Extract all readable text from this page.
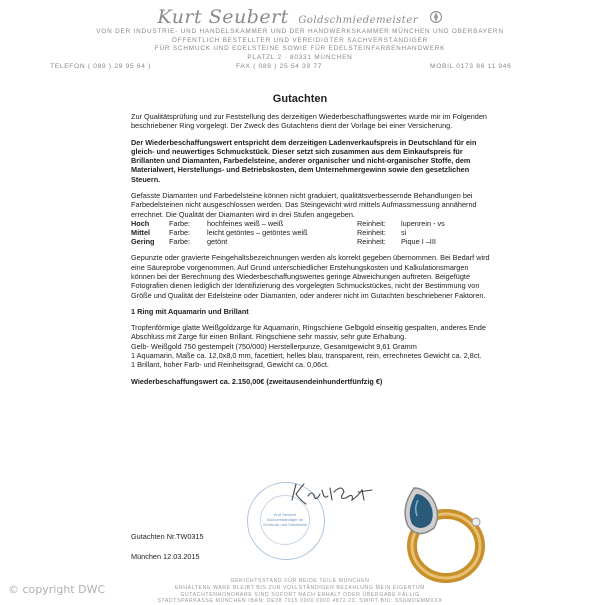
Kurt Seubert Goldschmiedemeister
VON DER INDUSTRIE- UND HANDELSKAMMER UND DER HANDWERKSKAMMER MÜNCHEN UND OBERBAYERN
ÖFFENTLICH BESTELLTER UND VEREIDIGTER SACHVERSTÄNDIGER
FÜR SCHMUCK UND EDELSTEINE SOWIE FÜR EDELSTEINFARBENHANDWERK
PLATZL 2 · 80331 MÜNCHEN
TELEFON ( 089 ) 29 95 64 )	FAX ( 089 ) 25 54 39 77	MOBIL 0173 86 11 946
Gutachten

Zur Qualitätsprüfung und zur Feststellung des derzeitigen Wiederbeschaffungswertes wurde mir im Folgenden beschriebener Ring vorgelegt. Der Zweck des Gutachtens dient der Vorlage bei einer Versicherung.

Der Wiederbeschaffungswert entspricht dem derzeitigen Ladenverkaufspreis in Deutschland für ein gleich- und neuwertiges Schmuckstück. Dieser setzt sich zusammen aus dem Einkaufspreis für Brillanten und Diamanten, Farbedelsteine, anderer organischer und nicht-organischer Stoffe, dem Materialwert, Herstellungs- und Betriebskosten, dem Unternehmergewinn sowie den gesetzlichen Steuern.

Gefasste Diamanten und Farbedelsteine können nicht graduiert, qualitätsverbessernde Behandlungen bei Farbedelsteinen nicht ausgeschlossen werden. Das Steingewicht wird mittels Aufmassmessung annähernd errechnet. Die Qualität der Diamanten wird in drei Stufen angegeben.

Hoch	Farbe:	hochfeines weiß – weiß	Reinheit:	lupenrein - vs
Mittel	Farbe:	leicht getöntes – getöntes weiß	Reinheit:	si
Gering	Farbe:	getönt	Reinheit:	Pique I –III

Gepunzte oder gravierte Feingehaltsbezeichnungen werden als korrekt gegeben übernommen. Bei Bedarf wird eine Säureprobe vorgenommen. Auf Grund unterschiedlicher Erstehungskosten und Kalkulationsmargen können bei der Berechnung des Wiederbeschaffungswertes geringe Abweichungen auftreten. Beigefügte Fotografien dienen lediglich der Identifizierung des vorgelegten Schmuckstückes, nicht der Bestimmung von Größe und Qualität der Edelsteine oder Diamanten, oder anderer nicht im Gutachten beschriebener Faktoren.

1 Ring mit Aquamarin und Brillant

Tropfenförmige glatte Weißgoldzarge für Aquamarin, Ringschiene Gelbgold einseitig gespalten, anderes Ende Abschluss mit Zarge für einen Brillant. Ringschiene sehr massiv, sehr gute Erhaltung.

Gelb- Weißgold 750 gestempelt (750/000) Herstellerpunze, Gesamtgewicht 9,61 Gramm

1 Aquamarin, Maße ca. 12,0x8,0 mm, facettiert, helles blau, transparent, rein, errechnetes Gewicht ca. 2,8ct.

1 Brillant, hoher Farb- und Reinheitsgrad, Gewicht ca. 0,06ct.

Wiederbeschaffungswert ca. 2.150,00€ (zweitausendeinhundertfünfzig €)

Kurt Seubert Sachverständiger für Schmuck und Edelsteine
Gutachten Nr.TW0315
München 12.03.2015
GERICHTSSTAND FÜR BEIDE TEILE MÜNCHEN
ERHALTENE WARE BLEIBT BIS ZUR VOLLSTÄNDIGEN BEZAHLUNG MEIN EIGENTUM
GUTACHTENHONORARE SIND SOFORT NACH ERHALT ODER ÜBERGABE FÄLLIG
STADTSPARKASSE MÜNCHEN IBAN: DE38 7015 0000 0000 4872 23, SWIFT-BIC: SSKMDEMMXXX
© copyright DWC
